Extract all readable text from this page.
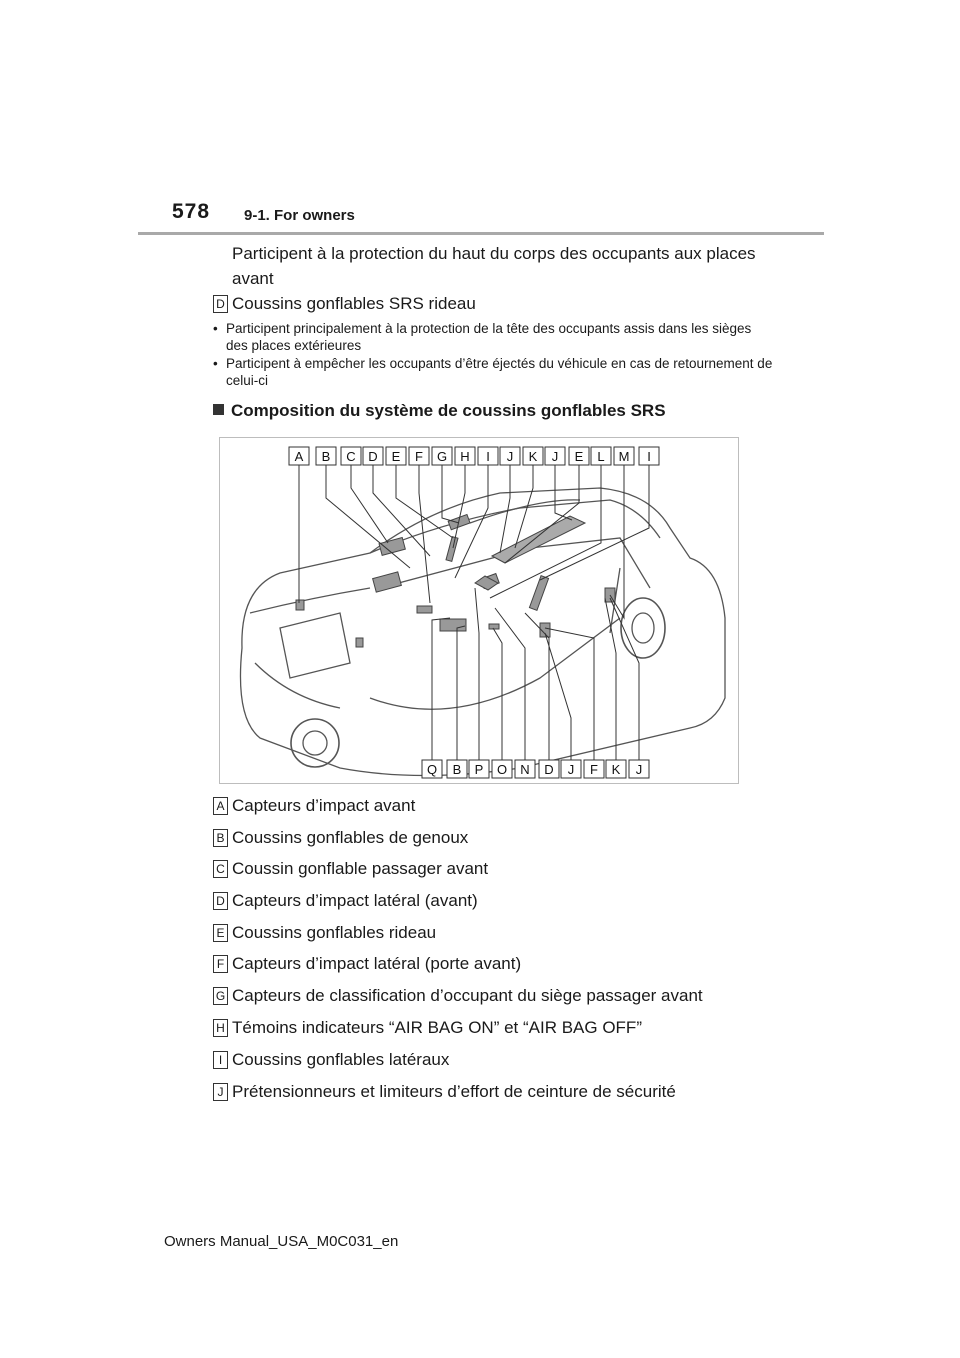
578 9-1. For owners
Participent à la protection du haut du corps des occupants aux places avant
D Coussins gonflables SRS rideau
• Participent principalement à la protection de la tête des occupants assis dans les sièges des places extérieures
• Participent à empêcher les occupants d’être éjectés du véhicule en cas de retournement de celui-ci
Composition du système de coussins gonflables SRS
A B C D E F G H I J K J E L M I
Q B P O N D J F K J
A Capteurs d’impact avant
B Coussins gonflables de genoux
C Coussin gonflable passager avant
D Capteurs d’impact latéral (avant)
E Coussins gonflables rideau
F Capteurs d’impact latéral (porte avant)
G Capteurs de classification d’occupant du siège passager avant
H Témoins indicateurs “AIR BAG ON” et “AIR BAG OFF”
I Coussins gonflables latéraux
J Prétensionneurs et limiteurs d’effort de ceinture de sécurité
Owners Manual_USA_M0C031_en
